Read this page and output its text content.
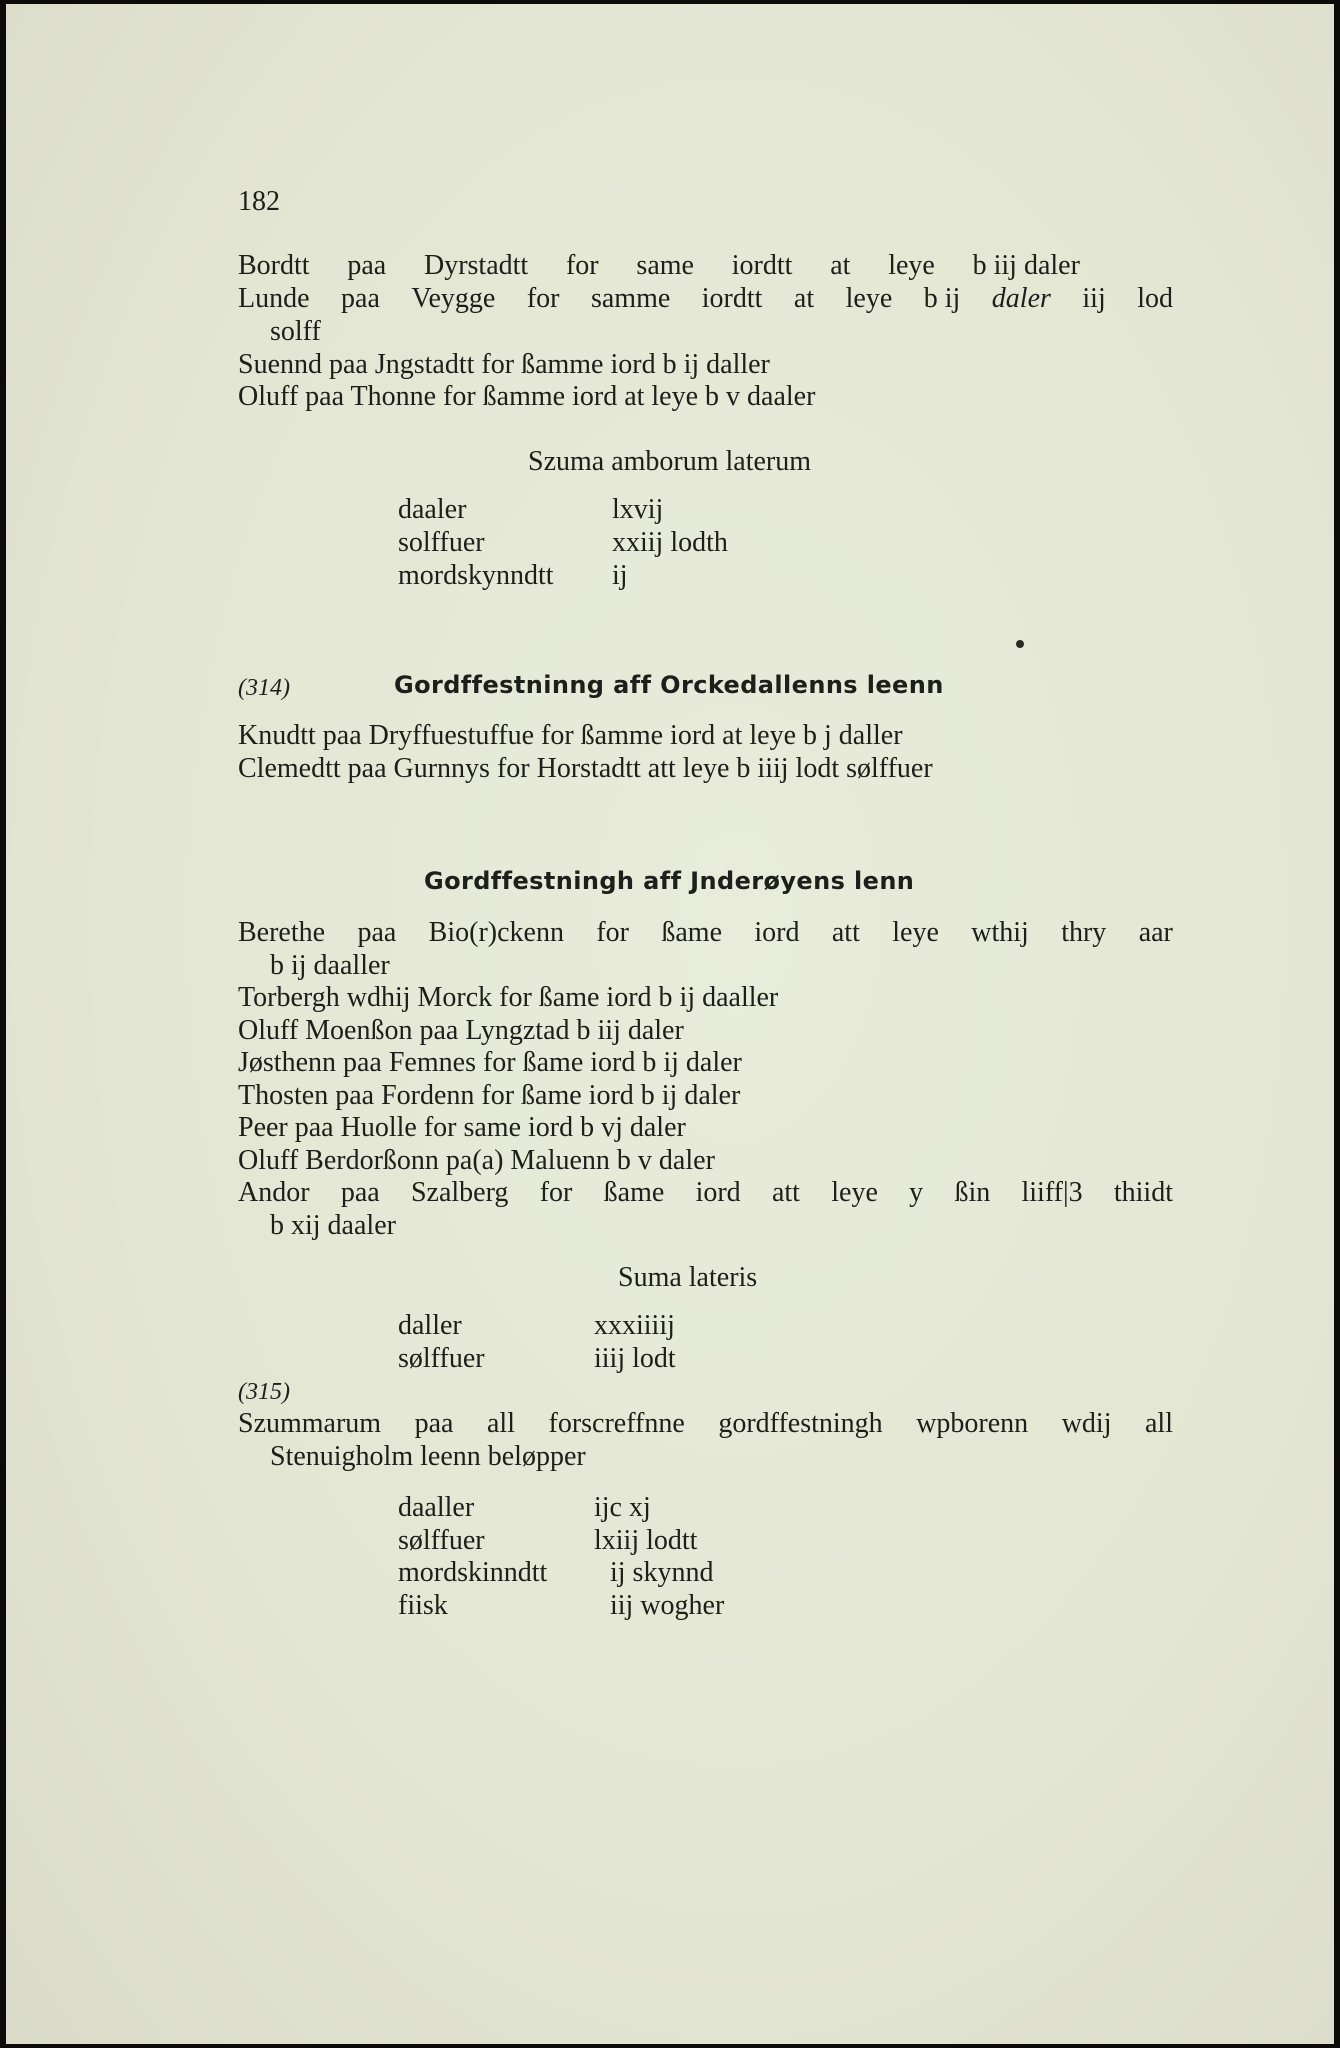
182
Bordtt paa Dyrstadtt for same iordtt at leye b iij daler
Lunde paa Veygge for samme iordtt at leye b ij daler iij lod
solff
Suennd paa Jngstadtt for ßamme iord b ij daller
Oluff paa Thonne for ßamme iord at leye b v daaler
Szuma amborum laterum
daaler	lxvij
solffuer	xxiij lodth
mordskynndtt ij
(314)	Gordffestninng aff Orckedallenns leenn
Knudtt paa Dryffuestuffue for ßamme iord at leye b j daller
Clemedtt paa Gurnnys for Horstadtt att leye b iiij lodt sølffuer
Gordffestningh aff Jnderøyens lenn
Berethe paa Bio(r)ckenn for ßame iord att leye wthij thry aar
b ij daaller
Torbergh wdhij Morck for ßame iord b ij daaller
Oluff Moenßon paa Lyngztad b iij daler
Jøsthenn paa Femnes for ßame iord b ij daler
Thosten paa Fordenn for ßame iord b ij daler
Peer paa Huolle for same iord b vj daler
Oluff Berdorßonn pa(a) Maluenn b v daler
Andor paa Szalberg for ßame iord att leye y ßin liiff|3 thiidt
b xij daaler
Suma lateris
daller	xxxiiiij
sølffuer	iiij lodt
(315)
Szummarum paa all forscreffnne gordffestningh wpborenn wdij all
Stenuigholm leenn beløpper
daaller	ijc xj
sølffuer	lxiij lodtt
mordskinndtt ij skynnd
fiisk	iij wogher
